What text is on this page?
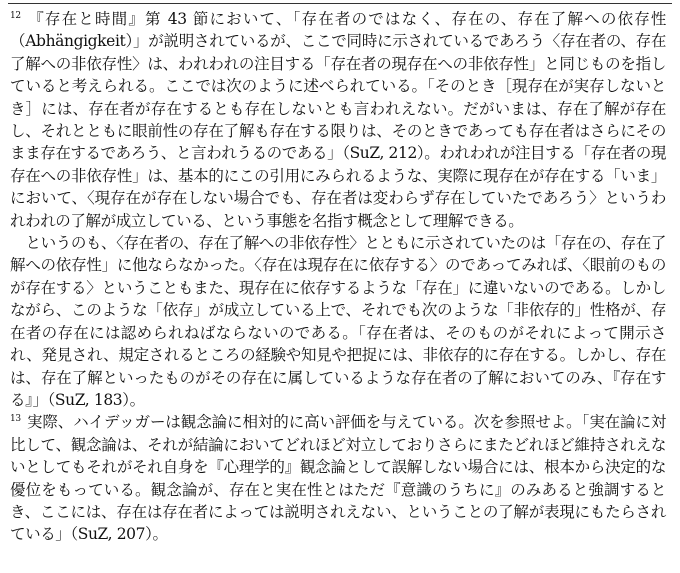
$^{12}$ 『存在と時間』第 43 節において、「存在者のではなく、存在の、存在了解への依存性（Abhängigkeit）」が説明されているが、ここで同時に示されているであろう〈存在者の、存在了解への非依存性〉は、われわれの注目する「存在者の現存在への非依存性」と同じものを指していると考えられる。ここでは次のように述べられている。「そのとき［現存在が実存しないとき］には、存在者が存在するとも存在しないとも言われえない。だがいまは、存在了解が存在し、それとともに眼前性の存在了解も存在する限りは、そのときであっても存在者はさらにそのまま存在するであろう、と言われうるのである」（SuZ, 212）。われわれが注目する「存在者の現存在への非依存性」は、基本的にこの引用にみられるような、実際に現存在が存在する「いま」において、〈現存在が存在しない場合でも、存在者は変わらず存在していたであろう〉というわれわれの了解が成立している、という事態を名指す概念として理解できる。

というのも、〈存在者の、存在了解への非依存性〉とともに示されていたのは「存在の、存在了解への依存性」に他ならなかった。〈存在は現存在に依存する〉のであってみれば、〈眼前のものが存在する〉ということもまた、現存在に依存するような「存在」に違いないのである。しかしながら、このような「依存」が成立している上で、それでも次のような「非依存的」性格が、存在者の存在には認められねばならないのである。「存在者は、そのものがそれによって開示され、発見され、規定されるところの経験や知見や把捉には、非依存的に存在する。しかし、存在は、存在了解といったものがその存在に属しているような存在者の了解においてのみ、『存在する』」（SuZ, 183）。

$^{13}$ 実際、ハイデッガーは観念論に相対的に高い評価を与えている。次を参照せよ。「実在論に対比して、観念論は、それが結論においてどれほど対立しておりさらにまたどれほど維持されえないとしてもそれがそれ自身を『心理学的』観念論として誤解しない場合には、根本から決定的な優位をもっている。観念論が、存在と実在性とはただ『意識のうちに』のみあると強調するとき、ここには、存在は存在者によっては説明されえない、ということの了解が表現にもたらされている」（SuZ, 207）。
